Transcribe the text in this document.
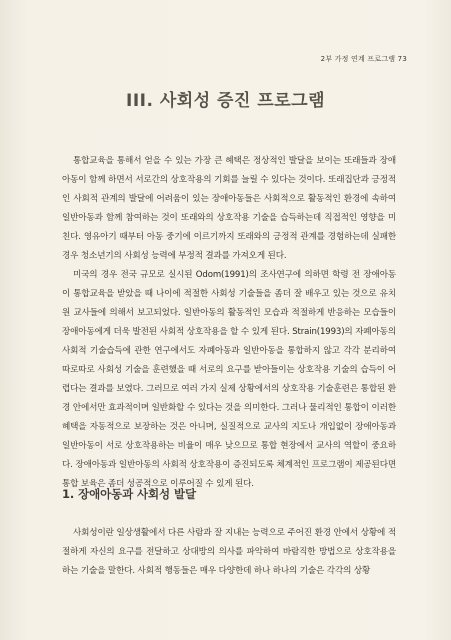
2부 가정 연계 프로그램 73
III. 사회성 증진 프로그램

통합교육을 통해서 얻을 수 있는 가장 큰 혜택은 정상적인 발달을 보이는 또래들과 장애아동이 함께 하면서 서로간의 상호작용의 기회를 늘릴 수 있다는 것이다. 또래집단과 긍정적인 사회적 관계의 발달에 어려움이 있는 장애아동들은 사회적으로 활동적인 환경에 속하여 일반아동과 함께 참여하는 것이 또래와의 상호작용 기술을 습득하는데 직접적인 영향을 미친다. 영유아기 때부터 아동 중기에 이르기까지 또래와의 긍정적 관계를 경험하는데 실패한 경우 청소년기의 사회성 능력에 부정적 결과를 가져오게 된다.

미국의 경우 전국 규모로 실시된 Odom(1991)의 조사연구에 의하면 학령 전 장애아동이 통합교육을 받았을 때 나이에 적절한 사회성 기술들을 좀더 잘 배우고 있는 것으로 유치원 교사들에 의해서 보고되었다. 일반아동의 활동적인 모습과 적절하게 반응하는 모습들이 장애아동에게 더욱 발전된 사회적 상호작용을 할 수 있게 된다. Strain(1993)의 자폐아동의 사회적 기술습득에 관한 연구에서도 자폐아동과 일반아동을 통합하지 않고 각각 분리하여 따로따로 사회성 기술을 훈련했을 때 서로의 요구를 받아들이는 상호작용 기술의 습득이 어렵다는 결과를 보였다. 그러므로 여러 가지 실제 상황에서의 상호작용 기술훈련은 통합된 환경 안에서만 효과적이며 일반화할 수 있다는 것을 의미한다. 그러나 물리적인 통합이 이러한 혜택을 자동적으로 보장하는 것은 아니며, 실질적으로 교사의 지도나 개입없이 장애아동과 일반아동이 서로 상호작용하는 비율이 매우 낮으므로 통합 현장에서 교사의 역할이 중요하다. 장애아동과 일반아동의 사회적 상호작용이 증진되도록 체계적인 프로그램이 제공된다면 통합 보육은 좀더 성공적으로 이루어질 수 있게 된다.

1. 장애아동과 사회성 발달

사회성이란 일상생활에서 다른 사람과 잘 지내는 능력으로 주어진 환경 안에서 상황에 적절하게 자신의 요구를 전달하고 상대방의 의사를 파악하여 바람직한 방법으로 상호작용을 하는 기술을 말한다. 사회적 행동들은 매우 다양한데 하나 하나의 기술은 각각의 상황
